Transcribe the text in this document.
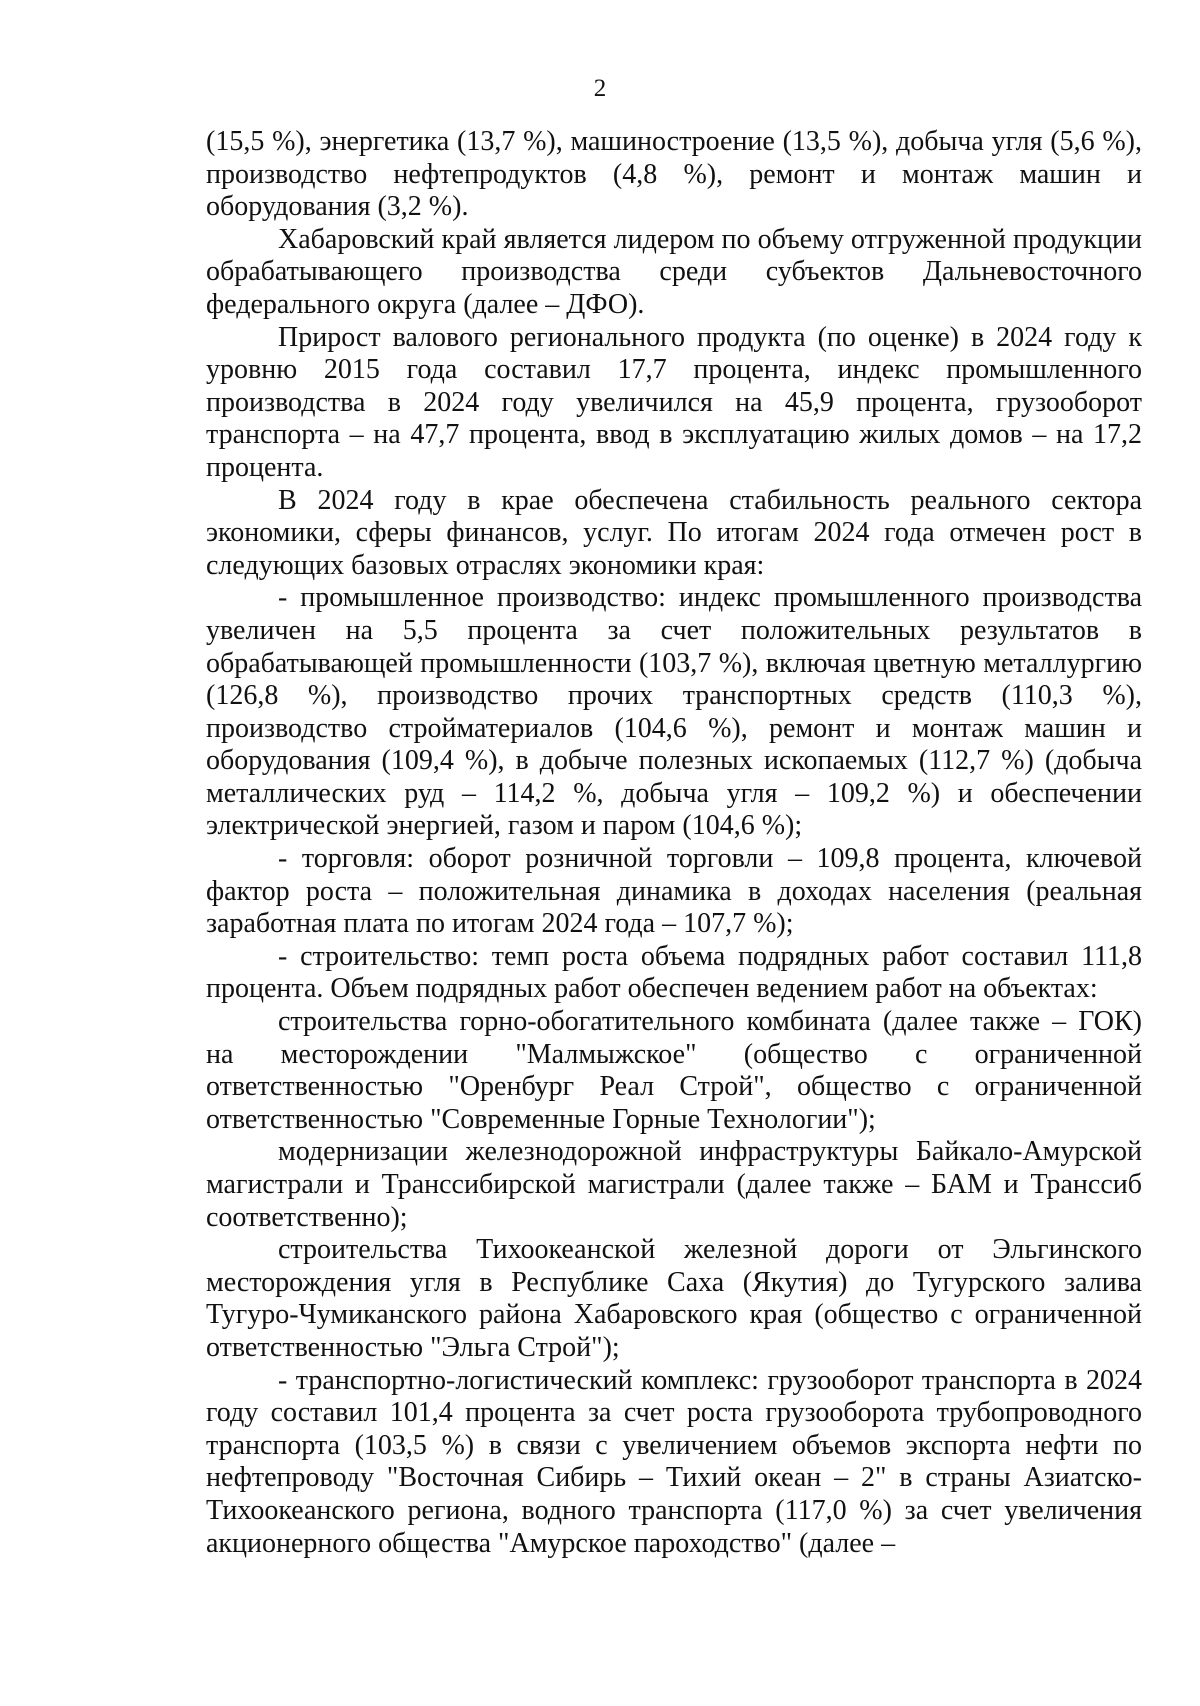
2

(15,5 %), энергетика (13,7 %), машиностроение (13,5 %), добыча угля (5,6 %), производство нефтепродуктов (4,8 %), ремонт и монтаж машин и оборудования (3,2 %).

Хабаровский край является лидером по объему отгруженной продукции обрабатывающего производства среди субъектов Дальневосточного федерального округа (далее – ДФО).

Прирост валового регионального продукта (по оценке) в 2024 году к уровню 2015 года составил 17,7 процента, индекс промышленного производства в 2024 году увеличился на 45,9 процента, грузооборот транспорта – на 47,7 процента, ввод в эксплуатацию жилых домов – на 17,2 процента.

В 2024 году в крае обеспечена стабильность реального сектора экономики, сферы финансов, услуг. По итогам 2024 года отмечен рост в следующих базовых отраслях экономики края:

- промышленное производство: индекс промышленного производства увеличен на 5,5 процента за счет положительных результатов в обрабатывающей промышленности (103,7 %), включая цветную металлургию (126,8 %), производство прочих транспортных средств (110,3 %), производство стройматериалов (104,6 %), ремонт и монтаж машин и оборудования (109,4 %), в добыче полезных ископаемых (112,7 %) (добыча металлических руд – 114,2 %, добыча угля – 109,2 %) и обеспечении электрической энергией, газом и паром (104,6 %);

- торговля: оборот розничной торговли – 109,8 процента, ключевой фактор роста – положительная динамика в доходах населения (реальная заработная плата по итогам 2024 года – 107,7 %);

- строительство: темп роста объема подрядных работ составил 111,8 процента. Объем подрядных работ обеспечен ведением работ на объектах:

строительства горно-обогатительного комбината (далее также – ГОК) на месторождении "Малмыжское" (общество с ограниченной ответственностью "Оренбург Реал Строй", общество с ограниченной ответственностью "Современные Горные Технологии");

модернизации железнодорожной инфраструктуры Байкало-Амурской магистрали и Транссибирской магистрали (далее также – БАМ и Транссиб соответственно);

строительства Тихоокеанской железной дороги от Эльгинского месторождения угля в Республике Саха (Якутия) до Тугурского залива Тугуро-Чумиканского района Хабаровского края (общество с ограниченной ответственностью "Эльга Строй");

- транспортно-логистический комплекс: грузооборот транспорта в 2024 году составил 101,4 процента за счет роста грузооборота трубопроводного транспорта (103,5 %) в связи с увеличением объемов экспорта нефти по нефтепроводу "Восточная Сибирь – Тихий океан – 2" в страны Азиатско-Тихоокеанского региона, водного транспорта (117,0 %) за счет увеличения акционерного общества "Амурское пароходство" (далее –
